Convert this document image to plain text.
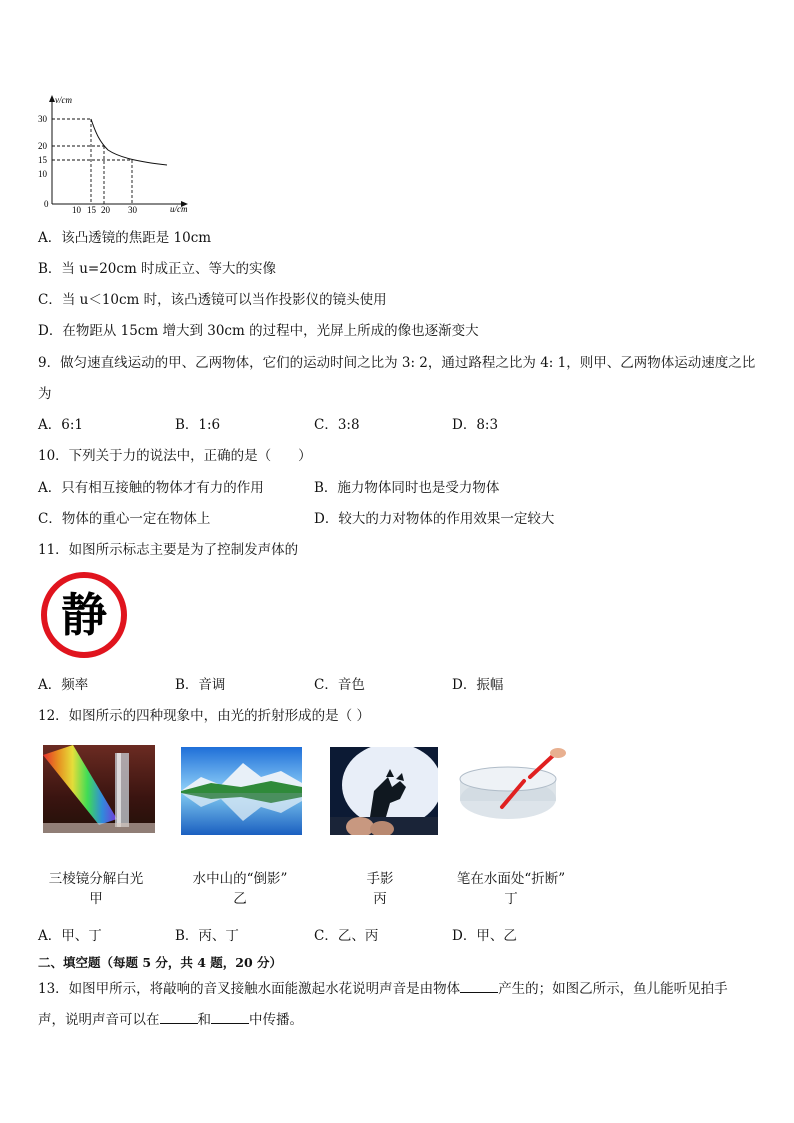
v/cm
u/cm
0
30
20
15
10
10 15 20 30
A．该凸透镜的焦距是 10cm
B．当 u=20cm 时成正立、等大的实像
C．当 u＜10cm 时，该凸透镜可以当作投影仪的镜头使用
D．在物距从 15cm 增大到 30cm 的过程中，光屏上所成的像也逐渐变大
9．做匀速直线运动的甲、乙两物体，它们的运动时间之比为 3: 2，通过路程之比为 4: 1，则甲、乙两物体运动速度之比
为
A．6:1	B．1:6	C．3:8	D．8:3
10．下列关于力的说法中，正确的是（　　）
A．只有相互接触的物体才有力的作用	B．施力物体同时也是受力物体
C．物体的重心一定在物体上	D．较大的力对物体的作用效果一定较大
11．如图所示标志主要是为了控制发声体的
静
A．频率	B．音调	C．音色	D．振幅
12．如图所示的四种现象中，由光的折射形成的是（ ）
三棱镜分解白光
甲
水中山的“倒影”
乙
手影
丙
笔在水面处“折断”
丁
A．甲、丁	B．丙、丁	C．乙、丙	D．甲、乙
二、填空题（每题 5 分，共 4 题，20 分）
13．如图甲所示，将敲响的音叉接触水面能激起水花说明声音是由物体	产生的；如图乙所示，鱼儿能听见拍手
声，说明声音可以在	和	中传播。
